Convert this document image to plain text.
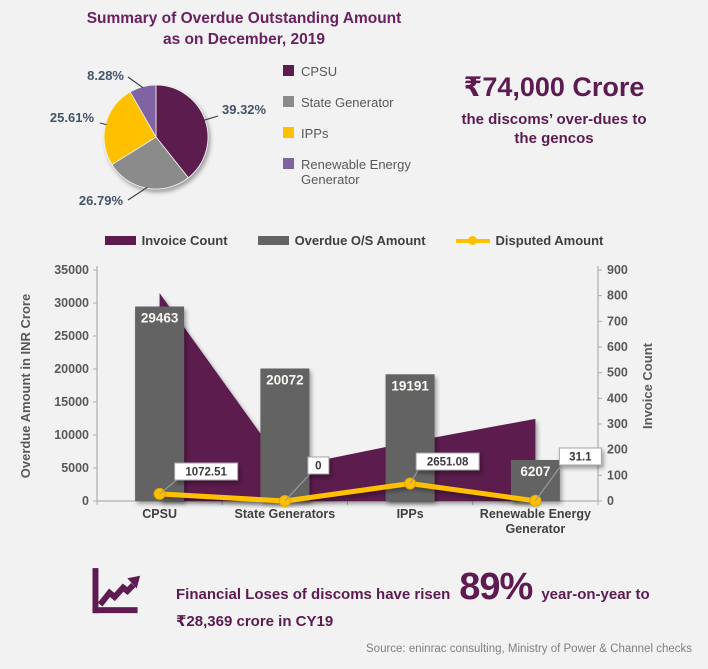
Summary of Overdue Outstanding Amount
as on December, 2019
39.32%
26.79%
25.61%
8.28%	CPSU
State Generator
IPPs
Renewable Energy Generator
₹74,000 Crore
the discoms’ over-dues to
the gencos
Invoice Count	Overdue O/S Amount	Disputed Amount
0
5000
10000
15000
20000
25000
30000
35000
0
100
200
300
400
500
600
700
800
900
Overdue Amount in INR Crore	Invoice Count
29463
20072	19191
6207
1072.51	0	2651.08	31.1
CPSU	State Generators	IPPs	Renewable Energy
Generator
Financial Loses of discoms have risen 89% year-on-year to
₹28,369 crore in CY19
Source: eninrac consulting, Ministry of Power & Channel checks
